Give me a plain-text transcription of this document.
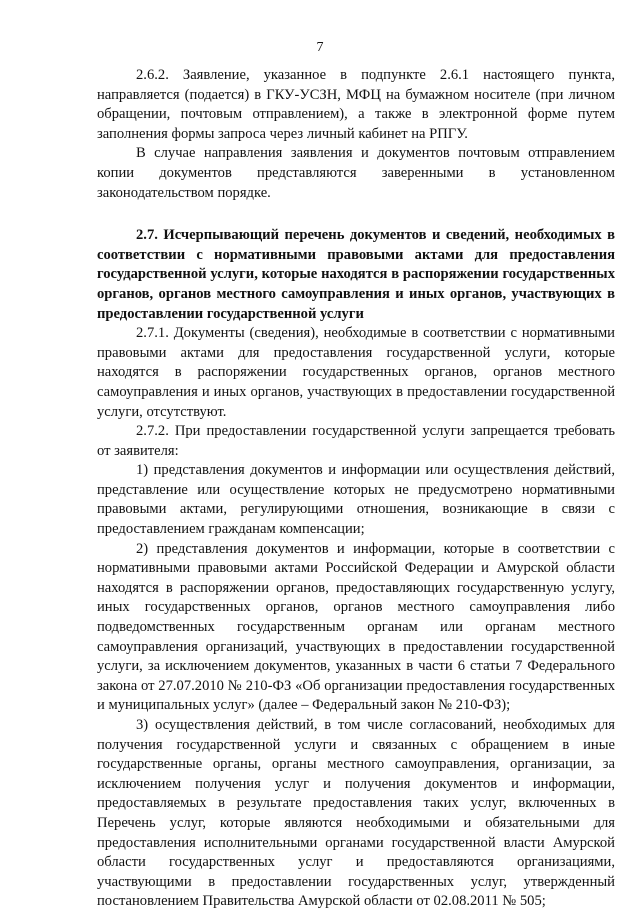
7

2.6.2. Заявление, указанное в подпункте 2.6.1 настоящего пункта, направляется (подается) в ГКУ-УСЗН, МФЦ на бумажном носителе (при личном обращении, почтовым отправлением), а также в электронной форме путем заполнения формы запроса через личный кабинет на РПГУ.

В случае направления заявления и документов почтовым отправлением копии документов представляются заверенными в установленном законодательством порядке.

2.7. Исчерпывающий перечень документов и сведений, необходимых в соответствии с нормативными правовыми актами для предоставления государственной услуги, которые находятся в распоряжении государственных органов, органов местного самоуправления и иных органов, участвующих в предоставлении государственной услуги

2.7.1. Документы (сведения), необходимые в соответствии с нормативными правовыми актами для предоставления государственной услуги, которые находятся в распоряжении государственных органов, органов местного самоуправления и иных органов, участвующих в предоставлении государственной услуги, отсутствуют.

2.7.2. При предоставлении государственной услуги запрещается требовать от заявителя:

1) представления документов и информации или осуществления действий, представление или осуществление которых не предусмотрено нормативными правовыми актами, регулирующими отношения, возникающие в связи с предоставлением гражданам компенсации;

2) представления документов и информации, которые в соответствии с нормативными правовыми актами Российской Федерации и Амурской области находятся в распоряжении органов, предоставляющих государственную услугу, иных государственных органов, органов местного самоуправления либо подведомственных государственным органам или органам местного самоуправления организаций, участвующих в предоставлении государственной услуги, за исключением документов, указанных в части 6 статьи 7 Федерального закона от 27.07.2010 № 210-ФЗ «Об организации предоставления государственных и муниципальных услуг» (далее – Федеральный закон № 210-ФЗ);

3) осуществления действий, в том числе согласований, необходимых для получения государственной услуги и связанных с обращением в иные государственные органы, органы местного самоуправления, организации, за исключением получения услуг и получения документов и информации, предоставляемых в результате предоставления таких услуг, включенных в Перечень услуг, которые являются необходимыми и обязательными для предоставления исполнительными органами государственной власти Амурской области государственных услуг и предоставляются организациями, участвующими в предоставлении государственных услуг, утвержденный постановлением Правительства Амурской области от 02.08.2011 № 505;
